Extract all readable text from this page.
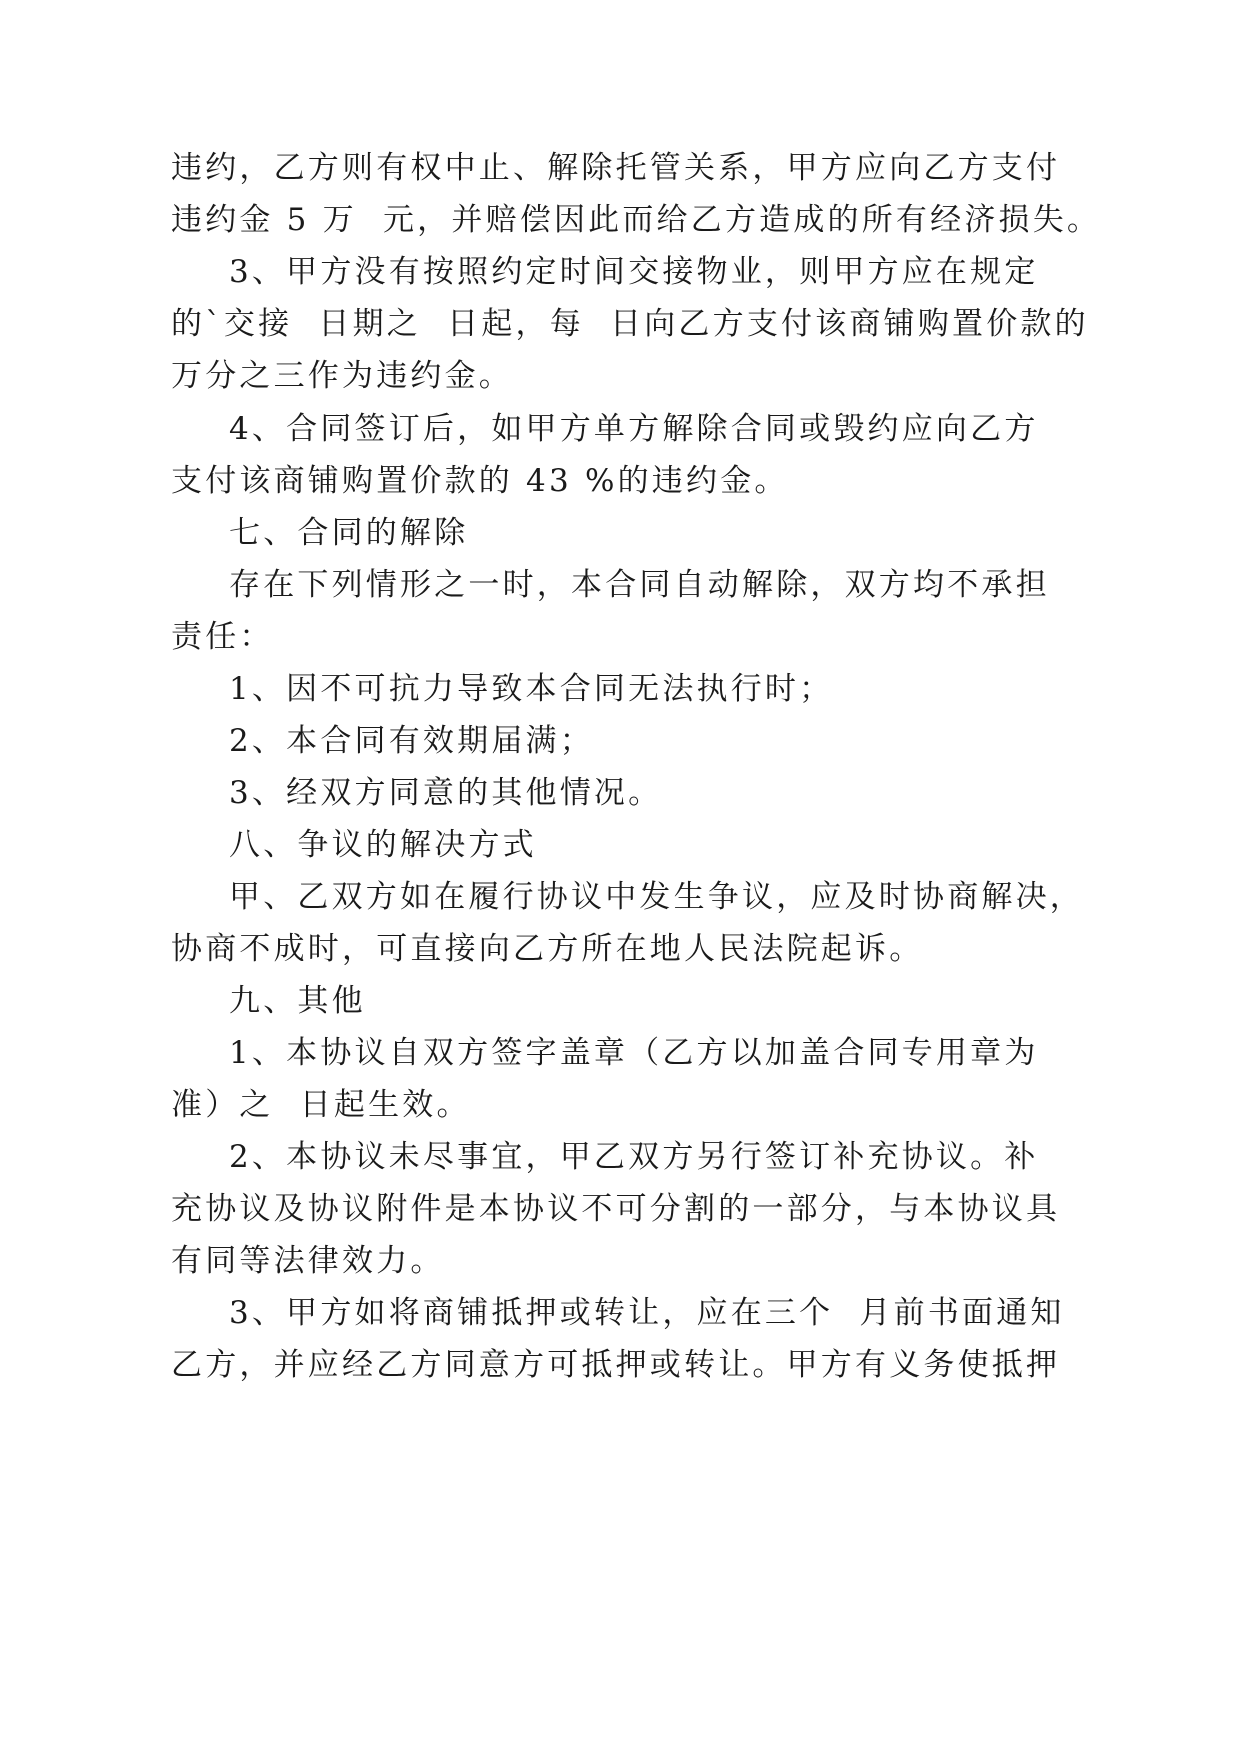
违约，乙方则有权中止、解除托管关系，甲方应向乙方支付
违约金 5 万  元，并赔偿因此而给乙方造成的所有经济损失。
3、甲方没有按照约定时间交接物业，则甲方应在规定
的`交接  日期之  日起，每  日向乙方支付该商铺购置价款的
万分之三作为违约金。
4、合同签订后，如甲方单方解除合同或毁约应向乙方
支付该商铺购置价款的 43 %的违约金。
七、合同的解除
存在下列情形之一时，本合同自动解除，双方均不承担
责任：
1、因不可抗力导致本合同无法执行时；
2、本合同有效期届满；
3、经双方同意的其他情况。
八、争议的解决方式
甲、乙双方如在履行协议中发生争议，应及时协商解决，
协商不成时，可直接向乙方所在地人民法院起诉。
九、其他
1、本协议自双方签字盖章（乙方以加盖合同专用章为
准）之  日起生效。
2、本协议未尽事宜，甲乙双方另行签订补充协议。补
充协议及协议附件是本协议不可分割的一部分，与本协议具
有同等法律效力。
3、甲方如将商铺抵押或转让，应在三个  月前书面通知
乙方，并应经乙方同意方可抵押或转让。甲方有义务使抵押
